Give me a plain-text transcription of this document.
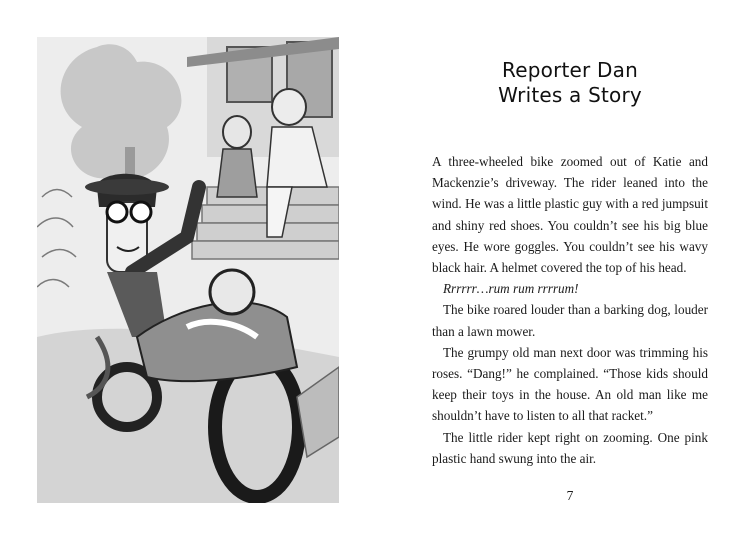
Reporter Dan
Writes a Story

A three-wheeled bike zoomed out of Katie and Mackenzie’s driveway. The rider leaned into the wind. He was a little plastic guy with a red jumpsuit and shiny red shoes. You couldn’t see his big blue eyes. He wore goggles. You couldn’t see his wavy black hair. A helmet covered the top of his head.

Rrrrrr…rum rum rrrrum!

The bike roared louder than a barking dog, louder than a lawn mower.

The grumpy old man next door was trimming his roses. “Dang!” he complained. “Those kids should keep their toys in the house. An old man like me shouldn’t have to listen to all that racket.”

The little rider kept right on zooming. One pink plastic hand swung into the air.

7
